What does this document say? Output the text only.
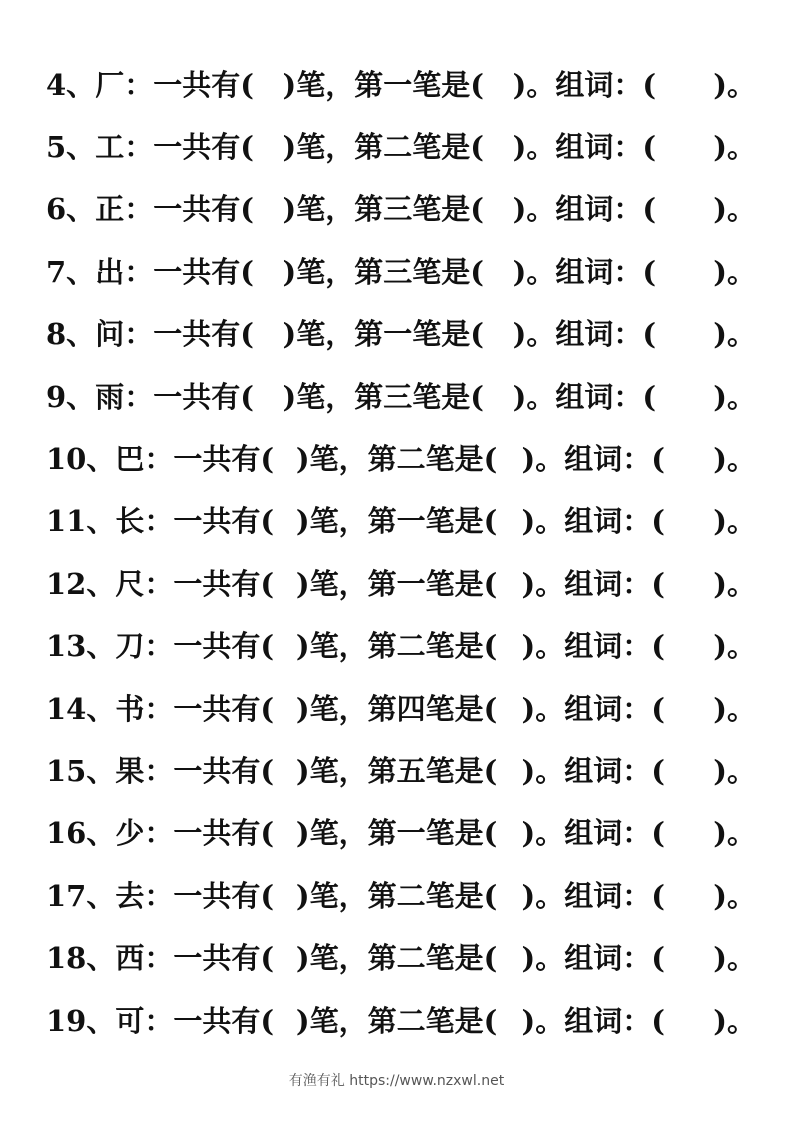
4、 厂 ：一共有( )笔，第一笔是( )。组词：( )。
5、 工 ：一共有( )笔，第二笔是( )。组词：( )。
6、 正 ：一共有( )笔，第三笔是( )。组词：( )。
7、 出 ：一共有( )笔，第三笔是( )。组词：( )。
8、 问 ：一共有( )笔，第一笔是( )。组词：( )。
9、 雨 ：一共有( )笔，第三笔是( )。组词：( )。
10、 巴 ：一共有( )笔，第二笔是( )。组词：( )。
11、 长 ：一共有( )笔，第一笔是( )。组词：( )。
12、 尺 ：一共有( )笔，第一笔是( )。组词：( )。
13、 刀 ：一共有( )笔，第二笔是( )。组词：( )。
14、 书 ：一共有( )笔，第四笔是( )。组词：( )。
15、 果 ：一共有( )笔，第五笔是( )。组词：( )。
16、 少 ：一共有( )笔，第一笔是( )。组词：( )。
17、 去 ：一共有( )笔，第二笔是( )。组词：( )。
18、 西 ：一共有( )笔，第二笔是( )。组词：( )。
19、 可 ：一共有( )笔，第二笔是( )。组词：( )。
有渔有礼 https://www.nzxwl.net
